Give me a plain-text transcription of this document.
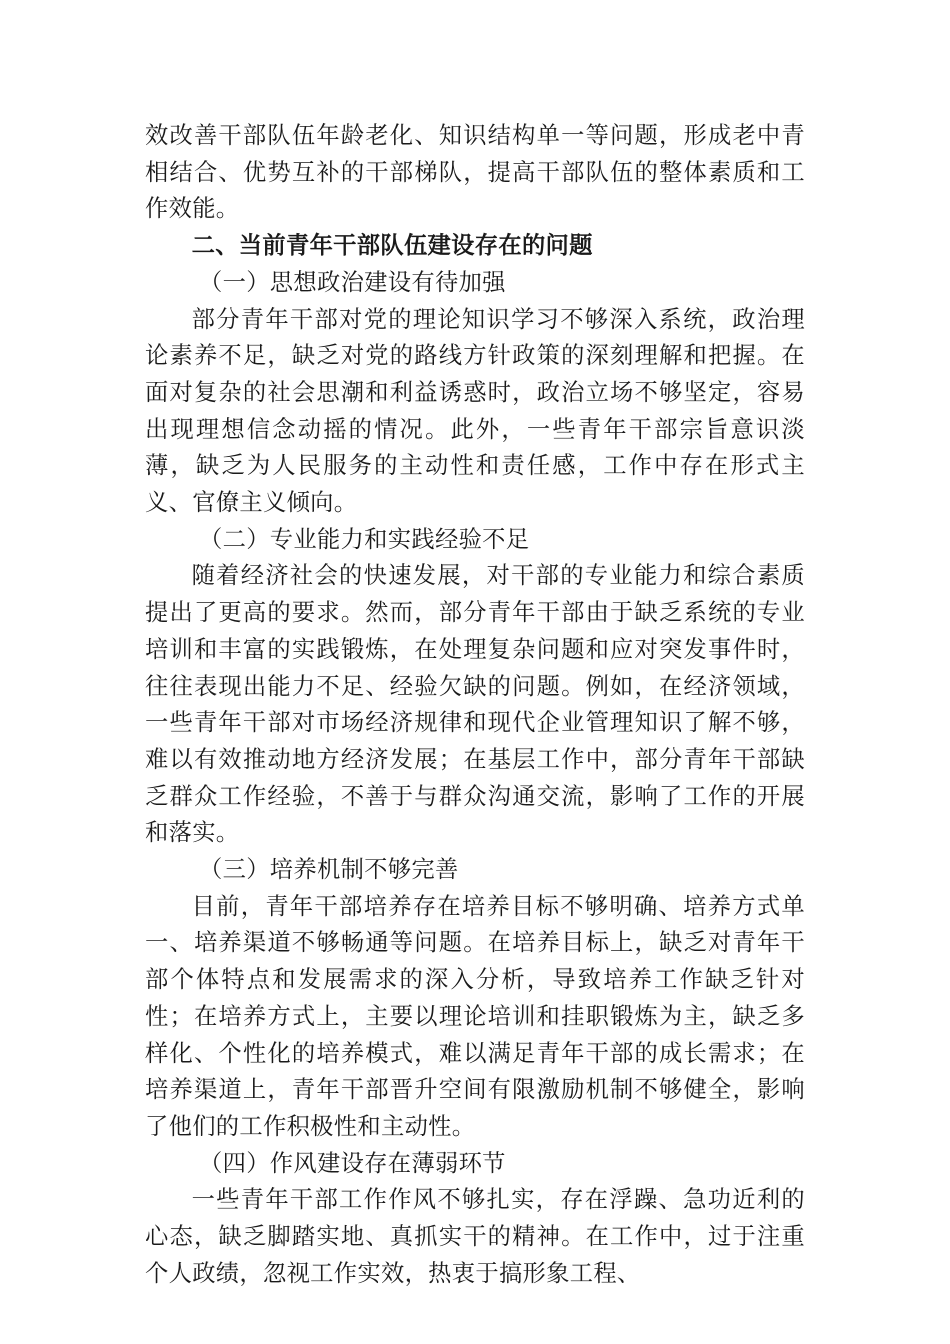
效改善干部队伍年龄老化、知识结构单一等问题，形成老中青相结合、优势互补的干部梯队，提高干部队伍的整体素质和工作效能。

二、当前青年干部队伍建设存在的问题
（一）思想政治建设有待加强

部分青年干部对党的理论知识学习不够深入系统，政治理论素养不足，缺乏对党的路线方针政策的深刻理解和把握。在面对复杂的社会思潮和利益诱惑时，政治立场不够坚定，容易出现理想信念动摇的情况。此外，一些青年干部宗旨意识淡薄，缺乏为人民服务的主动性和责任感，工作中存在形式主义、官僚主义倾向。

（二）专业能力和实践经验不足

随着经济社会的快速发展，对干部的专业能力和综合素质提出了更高的要求。然而，部分青年干部由于缺乏系统的专业培训和丰富的实践锻炼，在处理复杂问题和应对突发事件时，往往表现出能力不足、经验欠缺的问题。例如，在经济领域，一些青年干部对市场经济规律和现代企业管理知识了解不够，难以有效推动地方经济发展；在基层工作中，部分青年干部缺乏群众工作经验，不善于与群众沟通交流，影响了工作的开展和落实。

（三）培养机制不够完善

目前，青年干部培养存在培养目标不够明确、培养方式单一、培养渠道不够畅通等问题。在培养目标上，缺乏对青年干部个体特点和发展需求的深入分析，导致培养工作缺乏针对性；在培养方式上，主要以理论培训和挂职锻炼为主，缺乏多样化、个性化的培养模式，难以满足青年干部的成长需求；在培养渠道上，青年干部晋升空间有限激励机制不够健全，影响了他们的工作积极性和主动性。

（四）作风建设存在薄弱环节

一些青年干部工作作风不够扎实，存在浮躁、急功近利的心态，缺乏脚踏实地、真抓实干的精神。在工作中，过于注重个人政绩，忽视工作实效，热衷于搞形象工程、
